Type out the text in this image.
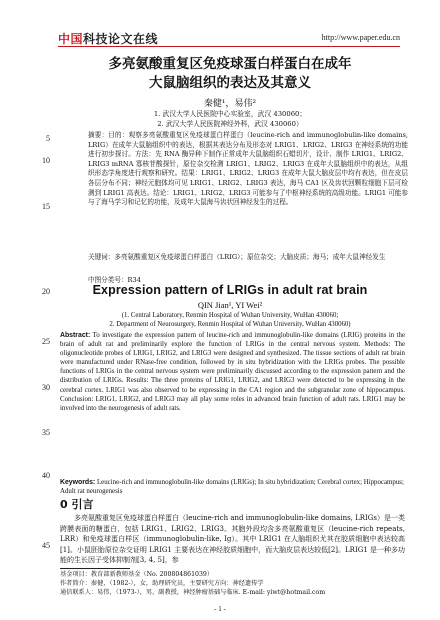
中国科技论文在线	http://www.paper.edu.cn
5
10
15
20
25
30
35
40
45
多亮氨酸重复区免疫球蛋白样蛋白在成年
大鼠脑组织的表达及其意义
秦健¹，易伟²
1. 武汉大学人民医院中心实验室，武汉 430060；
2. 武汉大学人民医院神经外科，武汉 430060）
摘要：目的：观察多亮氨酸重复区免疫球蛋白样蛋白（leucine-rich and immunoglobulin-like domains, LRIG）在成年大鼠脑组织中的表达，根据其表达分布及形态对 LRIG1、LRIG2、LRIG3 在神经系统的功能进行初步探讨。方法：先 RNA 酶异种下制作正常成年大鼠脑组织石蜡切片，设计、制作 LRIG1、LRIG2、LRIG3 mRNA 寡核苷酸探针，原位杂交检测 LRIG1、LRIG2、LRIG3 在成年大鼠脑组织中的表达，从组织形态学角度进行观察和研究。结果：LRIG1、LRIG2、LRIG3 在成年大鼠大脑皮层中均有表达，但在皮层各层分布不同；神经元胞体均可见 LRIG1、LRIG2、LRIG3 表达，海马 CA1 区及齿状回颗粒细胞下层可检测到 LRIG1 高表达。结论：LRIG1、LRIG2、LRIG3 可能参与了中枢神经系统的高级功能。LRIG1 可能参与了海马学习和记忆的功能，及成年大鼠海马齿状回神经发生的过程。
关键词：多亮氨酸重复区免疫球蛋白样蛋白（LRIG）；原位杂交；大脑皮质；海马；成年大鼠神经发生
中图分类号：R34
Expression pattern of LRIGs in adult rat brain
QIN Jian¹, YI Wei²
(1. Central Laboratory, Renmin Hospital of Wuhan University, WuHan 430060;
2. Department of Neurosurgery, Renmin Hospital of Wuhan University, WuHan 430060)
Abstract: To investigate the expression pattern of leucine-rich and immunoglobulin-like domains (LRIG) proteins in the brain of adult rat and preliminarily explore the function of LRIGs in the central nervous system. Methods: The oligonucleotide probes of LRIG1, LRIG2, and LRIG3 were designed and synthesized. The tissue sections of adult rat brain were manufactured under RNase-free condition, followed by in situ hybridization with the LRIGs probes. The possible functions of LRIGs in the central nervous system were preliminarily discussed according to the expression pattern and the distribution of LRIGs. Results: The three proteins of LRIG1, LRIG2, and LRIG3 were detected to be expressing in the cerebral cortex. LRIG1 was also observed to be expressing in the CA1 region and the subgranular zone of hippocampus. Conclusion: LRIG1, LRIG2, and LRIG3 may all play some roles in advanced brain function of adult rats. LRIG1 may be involved into the neurogenesis of adult rats.
Keywords: Leucine-rich and immunoglobulin-like domains (LRIGs); In situ hybridization; Cerebral cortex; Hippocampus; Adult rat neurogenesis
0 引言
多亮氨酸重复区免疫球蛋白样蛋白（leucine-rich and immunoglobulin-like domains, LRIGs）是一类跨膜表面的糖蛋白，包括 LRIG1、LRIG2、LRIG3。其胞外段均含多亮氨酸重复区（leucine-rich repeats, LRR）和免疫球蛋白样区（immunoglobulin-like, Ig）。其中 LRIG1 在人脑组织尤其在胶质细胞中表达较高[1]。小鼠胚胎原位杂交证明 LRIG1 主要表达在神经胶质细胞中，而大脑皮层表达较低[2]。LRIG1 是一种多功能的生长因子受体抑制剂[3, 4, 5]，参
基金项目：教育部新教师基金（No. 200804861039）
作者简介：秦健，（1982-），女，助理研究员，主要研究方向：神经遗传学
通信联系人：易伟，（1973-），男，副教授，神经肿瘤基础与临床. E-mail: yiwt@hotmail.com
- 1 -
